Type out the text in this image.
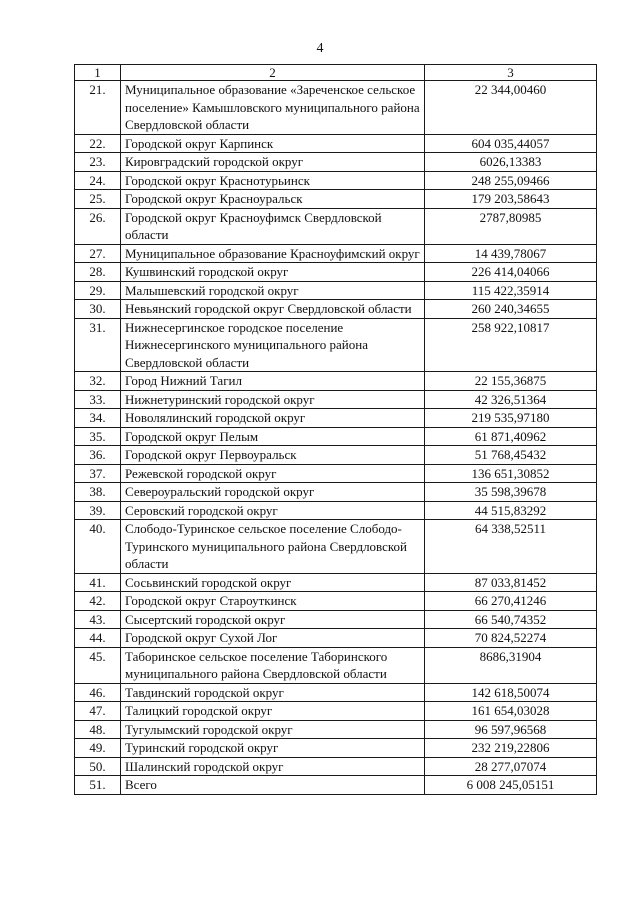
4
1	2	3
21.	Муниципальное образование «Зареченское сельское поселение» Камышловского муниципального района Свердловской области	22 344,00460
22.	Городской округ Карпинск	604 035,44057
23.	Кировградский городской округ	6026,13383
24.	Городской округ Краснотурьинск	248 255,09466
25.	Городской округ Красноуральск	179 203,58643
26.	Городской округ Красноуфимск Свердловской области	2787,80985
27.	Муниципальное образование Красноуфимский округ	14 439,78067
28.	Кушвинский городской округ	226 414,04066
29.	Малышевский городской округ	115 422,35914
30.	Невьянский городской округ Свердловской области	260 240,34655
31.	Нижнесергинское городское поселение Нижнесергинского муниципального района Свердловской области	258 922,10817
32.	Город Нижний Тагил	22 155,36875
33.	Нижнетуринский городской округ	42 326,51364
34.	Новолялинский городской округ	219 535,97180
35.	Городской округ Пелым	61 871,40962
36.	Городской округ Первоуральск	51 768,45432
37.	Режевской городской округ	136 651,30852
38.	Североуральский городской округ	35 598,39678
39.	Серовский городской округ	44 515,83292
40.	Слободо-Туринское сельское поселение Слободо-Туринского муниципального района Свердловской области	64 338,52511
41.	Сосьвинский городской округ	87 033,81452
42.	Городской округ Староуткинск	66 270,41246
43.	Сысертский городской округ	66 540,74352
44.	Городской округ Сухой Лог	70 824,52274
45.	Таборинское сельское поселение Таборинского муниципального района Свердловской области	8686,31904
46.	Тавдинский городской округ	142 618,50074
47.	Талицкий городской округ	161 654,03028
48.	Тугулымский городской округ	96 597,96568
49.	Туринский городской округ	232 219,22806
50.	Шалинский городской округ	28 277,07074
51.	Всего	6 008 245,05151
